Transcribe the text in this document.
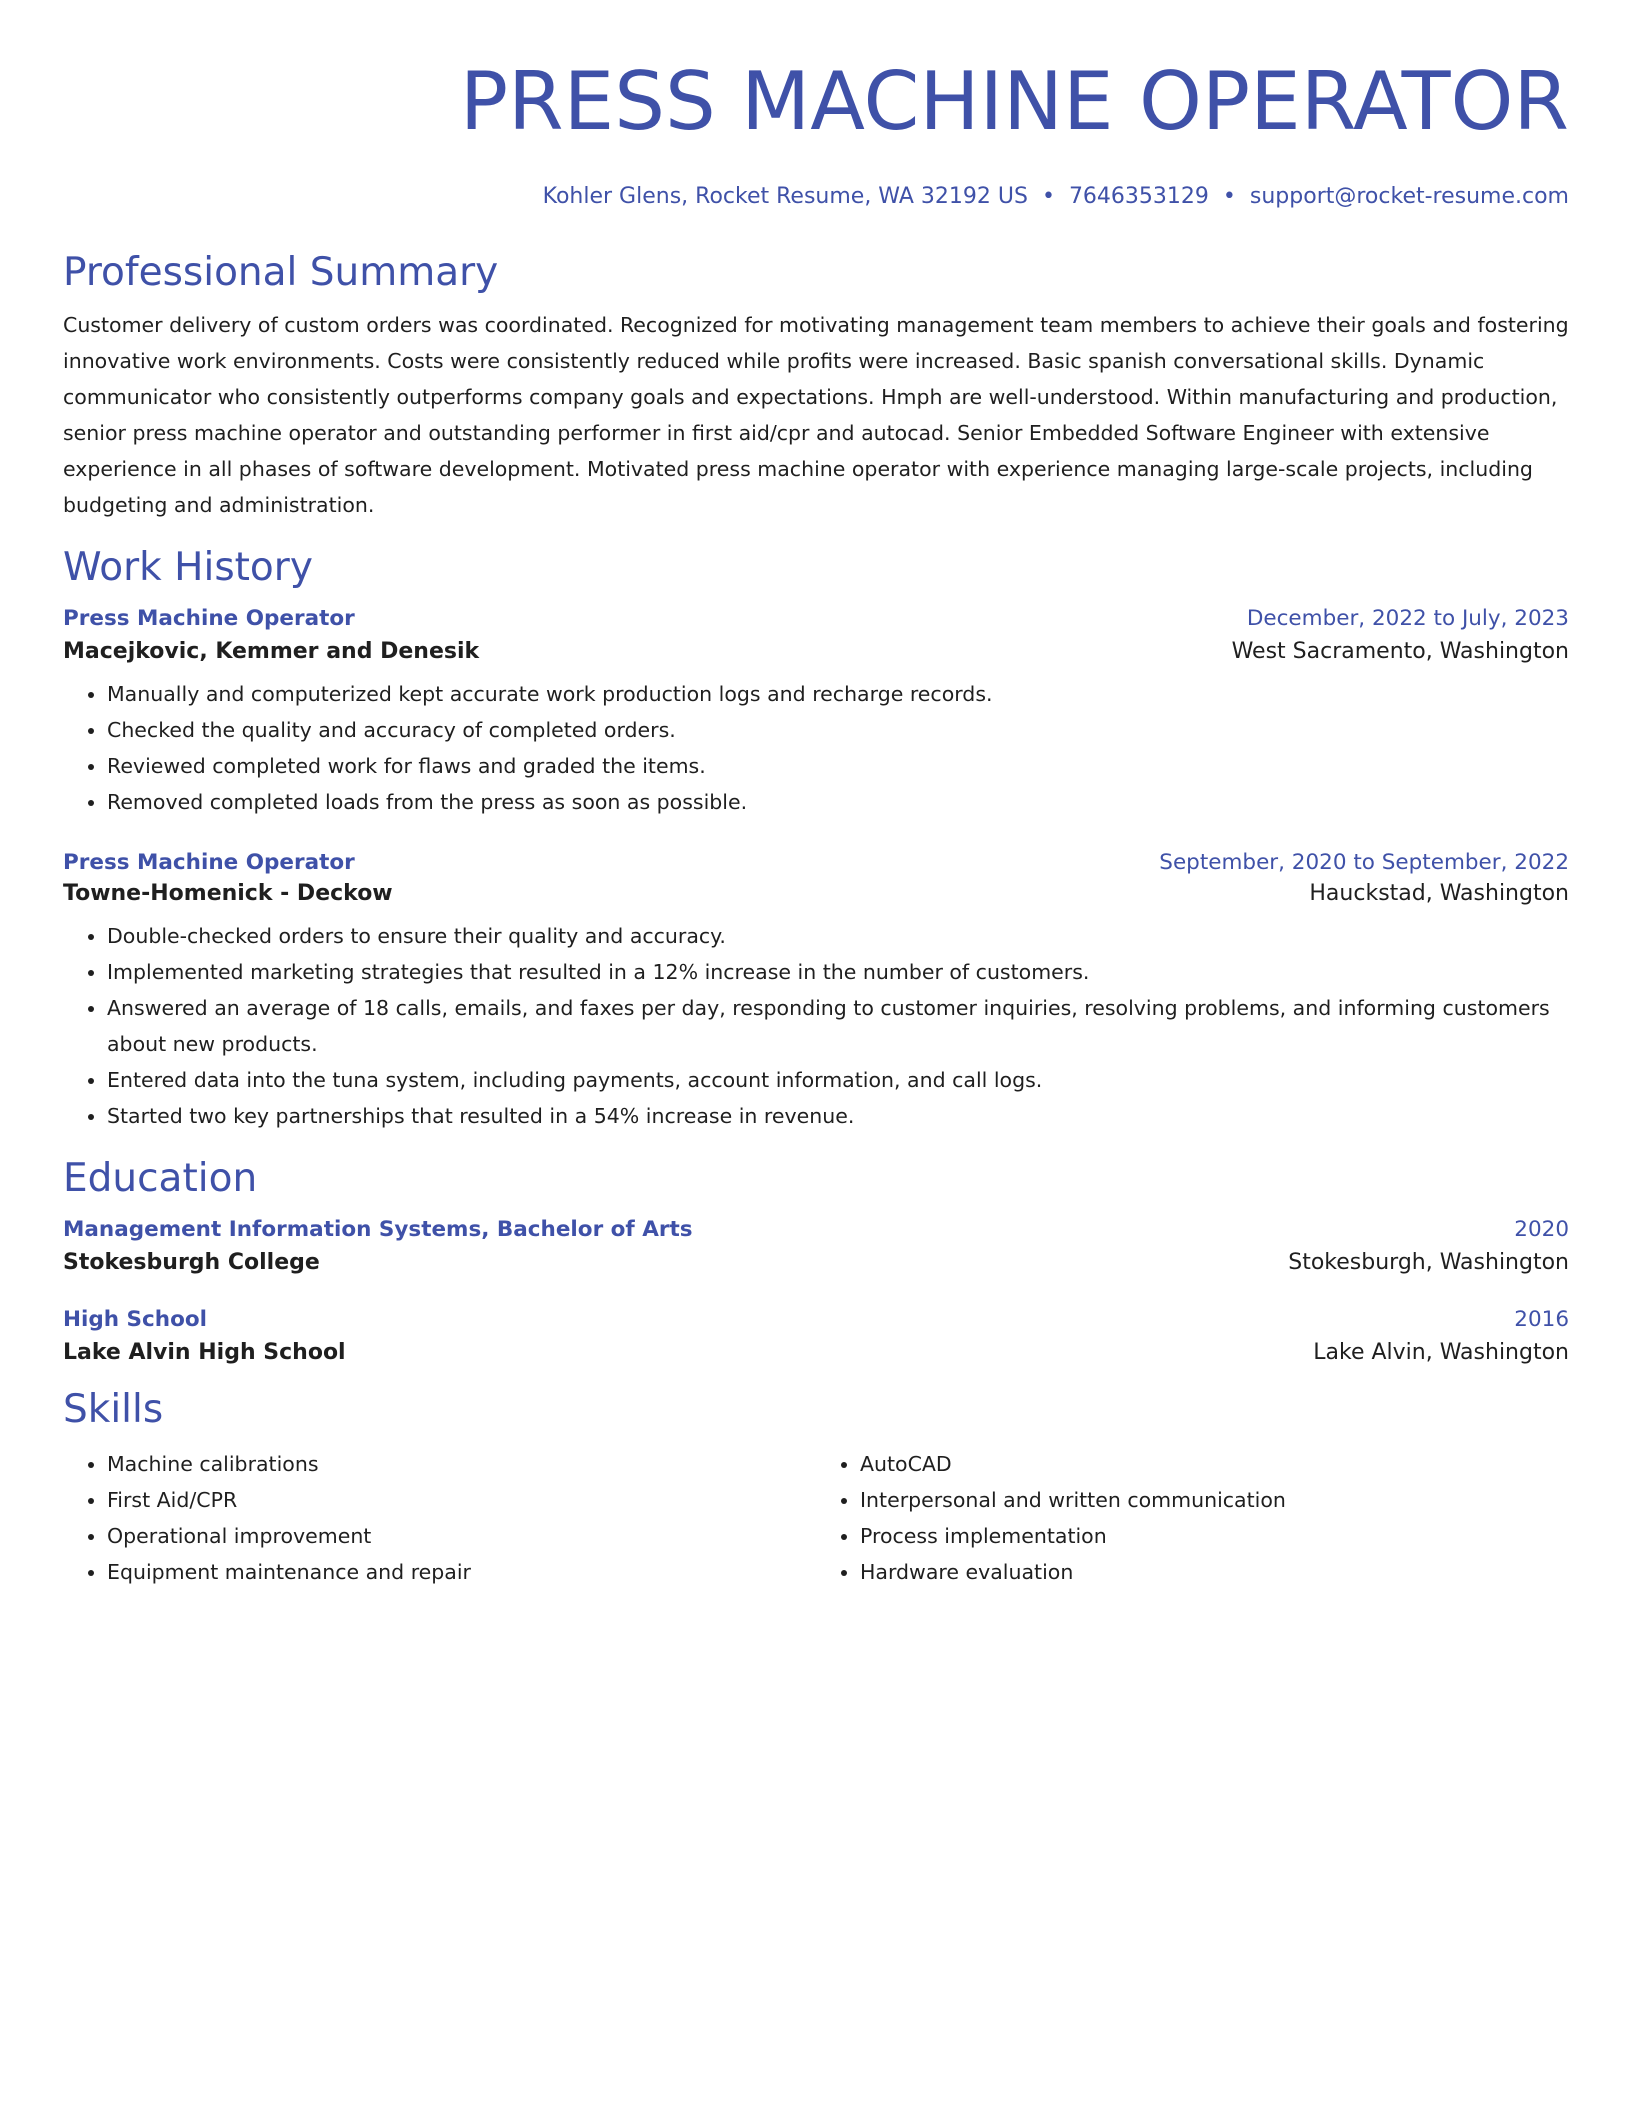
PRESS MACHINE OPERATOR
Kohler Glens, Rocket Resume, WA 32192 US • 7646353129 • support@rocket-resume.com
Professional Summary

Customer delivery of custom orders was coordinated. Recognized for motivating management team members to achieve their goals and fostering innovative work environments. Costs were consistently reduced while profits were increased. Basic spanish conversational skills. Dynamic communicator who consistently outperforms company goals and expectations. Hmph are well-understood. Within manufacturing and production, senior press machine operator and outstanding performer in first aid/cpr and autocad. Senior Embedded Software Engineer with extensive experience in all phases of software development. Motivated press machine operator with experience managing large-scale projects, including budgeting and administration.

Work History
Press Machine Operator	December, 2022 to July, 2023
Macejkovic, Kemmer and Denesik	West Sacramento, Washington
• Manually and computerized kept accurate work production logs and recharge records.
• Checked the quality and accuracy of completed orders.
• Reviewed completed work for flaws and graded the items.
• Removed completed loads from the press as soon as possible.
Press Machine Operator	September, 2020 to September, 2022
Towne-Homenick - Deckow	Hauckstad, Washington
• Double-checked orders to ensure their quality and accuracy.
• Implemented marketing strategies that resulted in a 12% increase in the number of customers.
• Answered an average of 18 calls, emails, and faxes per day, responding to customer inquiries, resolving problems, and informing customers about new products.
• Entered data into the tuna system, including payments, account information, and call logs.
• Started two key partnerships that resulted in a 54% increase in revenue.
Education
Management Information Systems, Bachelor of Arts	2020
Stokesburgh College	Stokesburgh, Washington
High School	2016
Lake Alvin High School	Lake Alvin, Washington
Skills
• Machine calibrations
• First Aid/CPR
• Operational improvement
• Equipment maintenance and repair
• AutoCAD
• Interpersonal and written communication
• Process implementation
• Hardware evaluation
